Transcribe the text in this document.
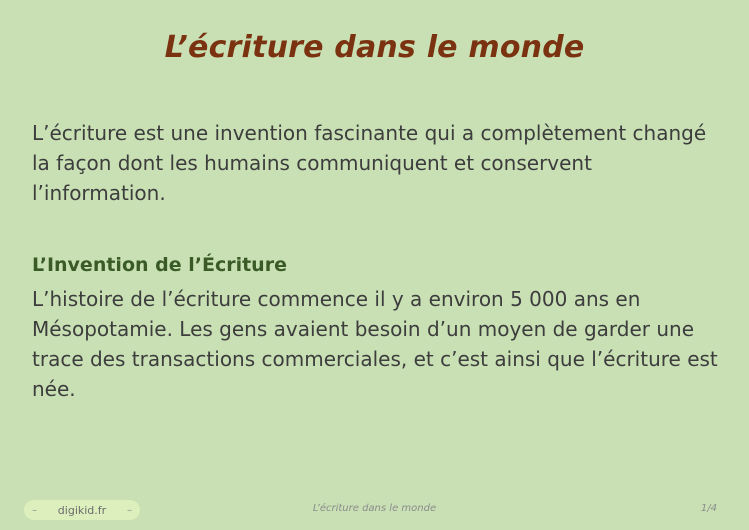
L’écriture dans le monde

L’écriture est une invention fascinante qui a complètement changé la façon dont les humains communiquent et conservent l’information.

L’Invention de l’Écriture

L’histoire de l’écriture commence il y a environ 5 000 ans en Mésopotamie. Les gens avaient besoin d’un moyen de garder une trace des transactions commerciales, et c’est ainsi que l’écriture est née.

– digikid.fr –	L’écriture dans le monde	1/4
